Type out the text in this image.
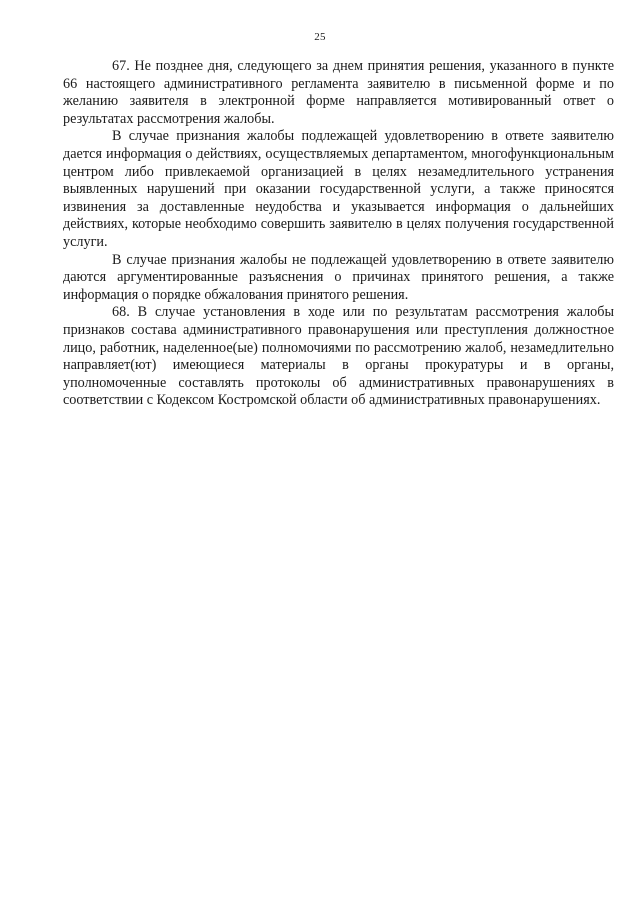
25

67. Не позднее дня, следующего за днем принятия решения, указанного в пункте 66 настоящего административного регламента заявителю в письменной форме и по желанию заявителя в электронной форме направляется мотивированный ответ о результатах рассмотрения жалобы.

В случае признания жалобы подлежащей удовлетворению в ответе заявителю дается информация о действиях, осуществляемых департаментом, многофункциональным центром либо привлекаемой организацией в целях незамедлительного устранения выявленных нарушений при оказании государственной услуги, а также приносятся извинения за доставленные неудобства и указывается информация о дальнейших действиях, которые необходимо совершить заявителю в целях получения государственной услуги.

В случае признания жалобы не подлежащей удовлетворению в ответе заявителю даются аргументированные разъяснения о причинах принятого решения, а также информация о порядке обжалования принятого решения.

68. В случае установления в ходе или по результатам рассмотрения жалобы признаков состава административного правонарушения или преступления должностное лицо, работник, наделенное(ые) полномочиями по рассмотрению жалоб, незамедлительно направляет(ют) имеющиеся материалы в органы прокуратуры и в органы, уполномоченные составлять протоколы об административных правонарушениях в соответствии с Кодексом Костромской области об административных правонарушениях.
